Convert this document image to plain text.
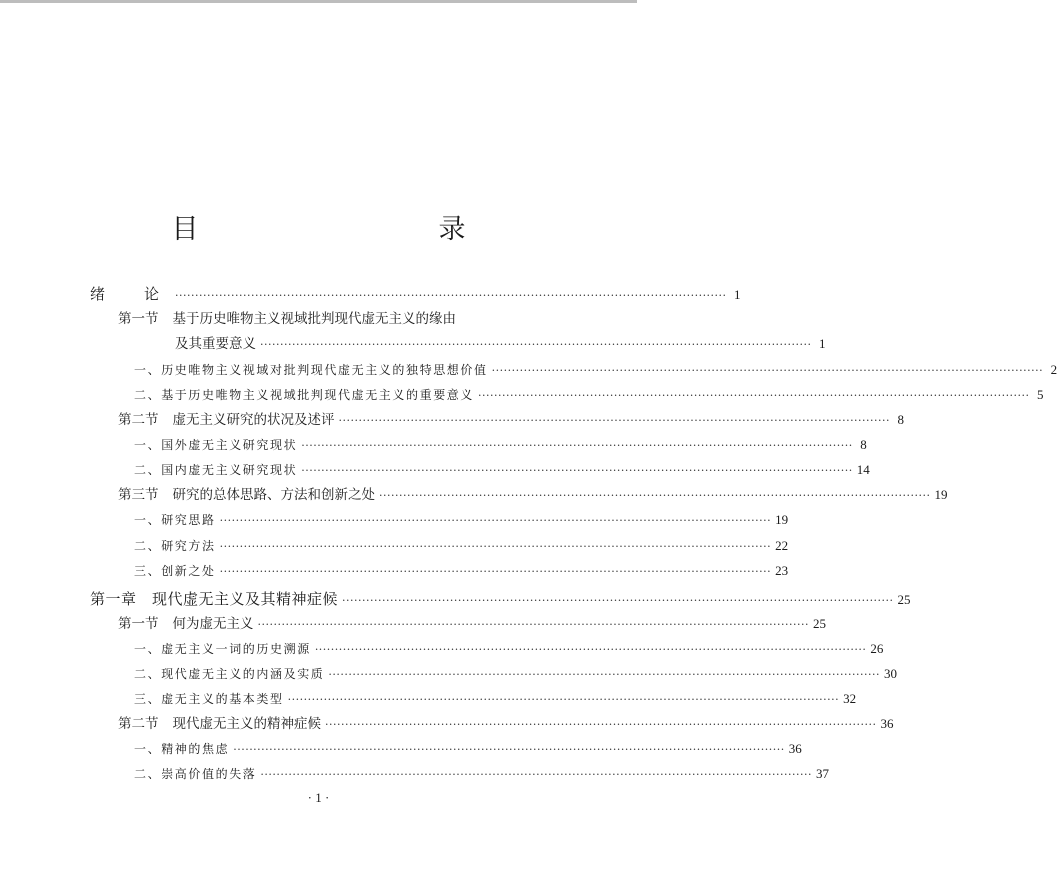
目　　录
绪　论 ·········································································································································· 1
第一节 基于历史唯物主义视域批判现代虚无主义的缘由
及其重要意义 ·········································································································································· 1
一、历史唯物主义视域对批判现代虚无主义的独特思想价值 ·········································································································································· 2
二、基于历史唯物主义视域批判现代虚无主义的重要意义 ·········································································································································· 5
第二节 虚无主义研究的状况及述评 ·········································································································································· 8
一、国外虚无主义研究现状 ·········································································································································· 8
二、国内虚无主义研究现状 ·········································································································································· 14
第三节 研究的总体思路、方法和创新之处 ·········································································································································· 19
一、研究思路 ·········································································································································· 19
二、研究方法 ·········································································································································· 22
三、创新之处 ·········································································································································· 23
第一章　现代虚无主义及其精神症候 ·········································································································································· 25
第一节 何为虚无主义 ·········································································································································· 25
一、虚无主义一词的历史溯源 ·········································································································································· 26
二、现代虚无主义的内涵及实质 ·········································································································································· 30
三、虚无主义的基本类型 ·········································································································································· 32
第二节 现代虚无主义的精神症候 ·········································································································································· 36
一、精神的焦虑 ·········································································································································· 36
二、崇高价值的失落 ·········································································································································· 37
· 1 ·
